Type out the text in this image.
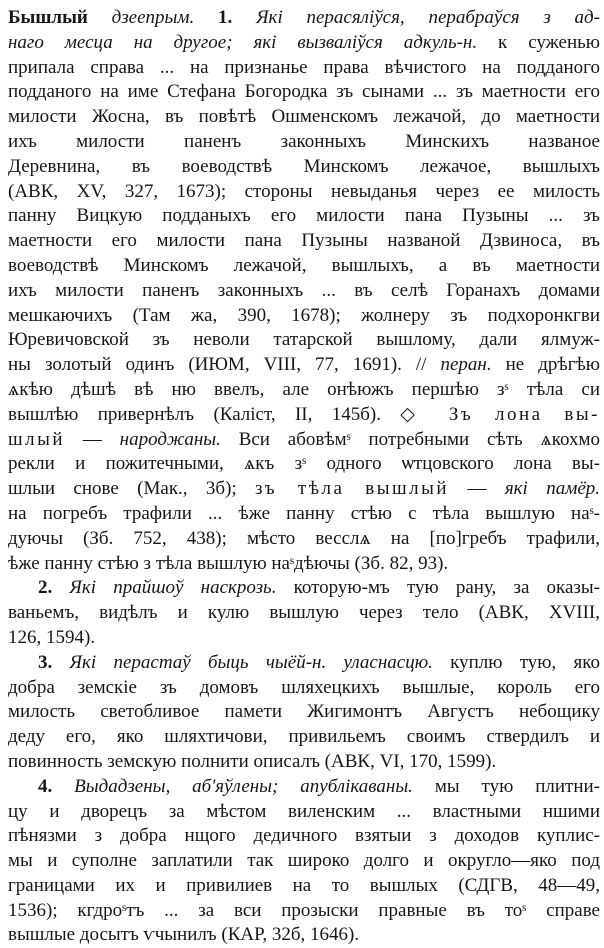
Бышлый дзеепрым. 1. Які перасяліўся, перабраўся з ад-
наго месца на другое; які вызваліўся адкуль-н. к суженью
припала справа ... на признанье права вѣчистого на подданого
подданого на име Стефана Богородка зъ сынами ... зъ маетности его
милости Жосна, въ повѣтѣ Ошменскомъ лежачой, до маетности
ихъ милости паненъ законныхъ Минскихъ названое
Деревнина, въ воеводствѣ Минскомъ лежачое, вышлыхъ
(АВК, XV, 327, 1673); стороны невыданья через ее милость
панну Вицкую подданыхъ его милости пана Пузыны ... зъ
маетности его милости пана Пузыны названой Дзвиноса, въ
воеводствѣ Минскомъ лежачой, вышлыхъ, а въ маетности
ихъ милости паненъ законныхъ ... въ селѣ Горанахъ домами
мешкаючихъ (Там жа, 390, 1678); жолнеру зъ подхоронкгви
Юревичовской зъ неволи татарской вышлому, дали ялмуж-
ны золотый одинъ (ИЮМ, VIII, 77, 1691). // перан. не дрѣгѣю
ѧкѣю дѣшѣ вѣ ню ввелъ, але онѣюжъ першѣю зˢ тѣла си
вышлѣю привернѣлъ (Каліст, II, 145б). ◇ Зъ лона вы-
шлый — народжаны. Вси абовѣмˢ потребными сѣть ѧкохмо
рекли и пожитечными, ѧкъ зˢ одного ѡтцовского лона вы-
шлыи снове (Мак., 3б); зъ тѣла вышлый — які памёр.
на погребъ трафили ... ѣже панну стѣю с тѣла вышлую наˢ-
дуючы (Зб. 752, 438); мѣсто весслѧ на [по]гребъ трафили,
ѣже панну стѣю з тѣла вышлую наˢдѣючы (Зб. 82, 93).
2. Які прайшоў наскрозь. которую-мъ тую рану, за оказы-
ваньемъ, видѣлъ и кулю вышлую через тело (АВК, XVIII,
126, 1594).
3. Які перастаў быць чыёй-н. уласнасцю. куплю тую, яко
добра земскіе зъ домовъ шляхецкихъ вышлые, король его
милость светобливое памети Жигимонтъ Августъ небощику
деду его, яко шляхтичови, привильемъ своимъ ствердилъ и
повинность земскую полнити описалъ (АВК, VI, 170, 1599).
4. Выдадзены, аб'яўлены; апублікаваны. мы тую плитни-
цу и дворецъ за мѣстом виленским ... властными ншими
пѣнязми з добра нщого дедичного взятыи з доходов куплис-
мы и суполне заплатили так широко долго и округло—яко под
границами их и привилиев на то вышлых (СДГВ, 48—49,
1536); кгдроˢтъ ... за вси прозыски правные въ тоˢ справе
вышлые досытъ ѵчынилъ (КАР, 32б, 1646).
